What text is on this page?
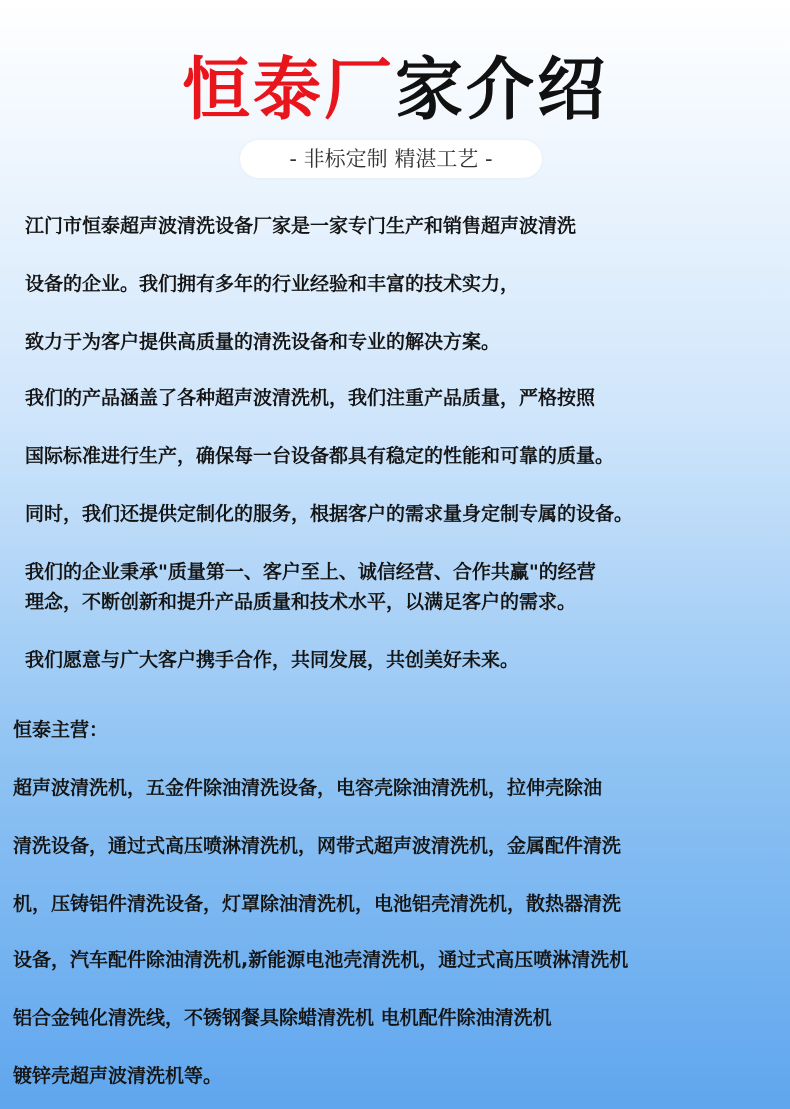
恒泰厂家介绍
- 非标定制 精湛工艺 -

江门市恒泰超声波清洗设备厂家是一家专门生产和销售超声波清洗

设备的企业。我们拥有多年的行业经验和丰富的技术实力，

致力于为客户提供高质量的清洗设备和专业的解决方案。

我们的产品涵盖了各种超声波清洗机，我们注重产品质量，严格按照

国际标准进行生产，确保每一台设备都具有稳定的性能和可靠的质量。

同时，我们还提供定制化的服务，根据客户的需求量身定制专属的设备。

我们的企业秉承"质量第一、客户至上、诚信经营、合作共赢"的经营

理念，不断创新和提升产品质量和技术水平，以满足客户的需求。

我们愿意与广大客户携手合作，共同发展，共创美好未来。

恒泰主营：

超声波清洗机，五金件除油清洗设备，电容壳除油清洗机，拉伸壳除油

清洗设备，通过式高压喷淋清洗机，网带式超声波清洗机，金属配件清洗

机，压铸铝件清洗设备，灯罩除油清洗机，电池铝壳清洗机，散热器清洗

设备，汽车配件除油清洗机,新能源电池壳清洗机，通过式高压喷淋清洗机

铝合金钝化清洗线，不锈钢餐具除蜡清洗机 电机配件除油清洗机

镀锌壳超声波清洗机等。
